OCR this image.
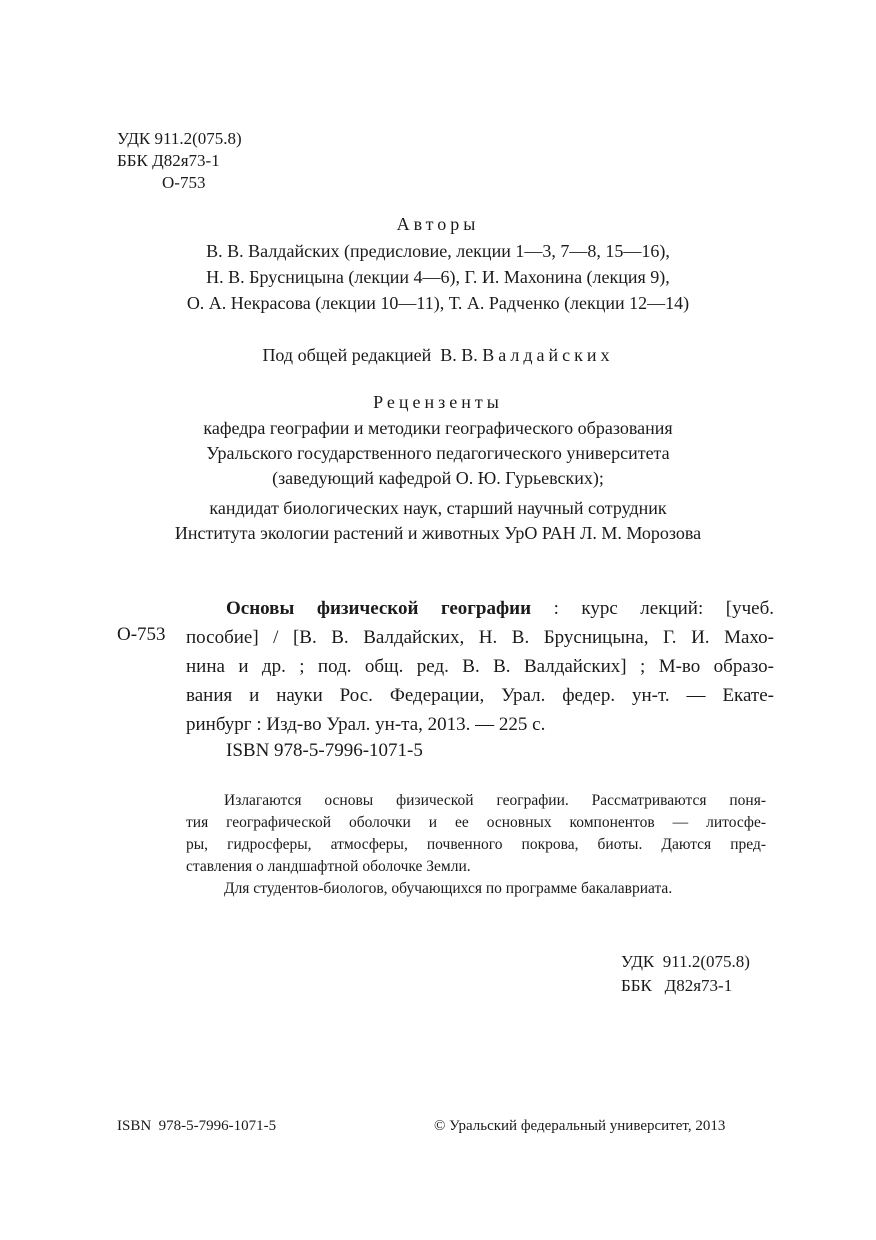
УДК 911.2(075.8)
ББК Д82я73-1
О-753
Авторы
В. В. Валдайских (предисловие, лекции 1—3, 7—8, 15—16),
Н. В. Брусницына (лекции 4—6), Г. И. Махонина (лекция 9),
О. А. Некрасова (лекции 10—11), Т. А. Радченко (лекции 12—14)
Под общей редакцией  В. В. Валдайских
Рецензенты
кафедра географии и методики географического образования
Уральского государственного педагогического университета
(заведующий кафедрой О. Ю. Гурьевских);
кандидат биологических наук, старший научный сотрудник
Института экологии растений и животных УрО РАН Л. М. Морозова
О-753
Основы физической географии : курс лекций: [учеб.
пособие] / [В. В. Валдайских, Н. В. Брусницына, Г. И. Махо-
нина и др. ; под. общ. ред. В. В. Валдайских] ; М-во образо-
вания и науки Рос. Федерации, Урал. федер. ун-т. — Екате-
ринбург : Изд-во Урал. ун-та, 2013. — 225 с.
ISBN 978-5-7996-1071-5
Излагаются основы физической географии. Рассматриваются поня-
тия географической оболочки и ее основных компонентов — литосфе-
ры, гидросферы, атмосферы, почвенного покрова, биоты. Даются пред-
ставления о ландшафтной оболочке Земли.
Для студентов-биологов, обучающихся по программе бакалавриата.
УДК  911.2(075.8)
ББК   Д82я73-1
ISBN  978-5-7996-1071-5	© Уральский федеральный университет, 2013
